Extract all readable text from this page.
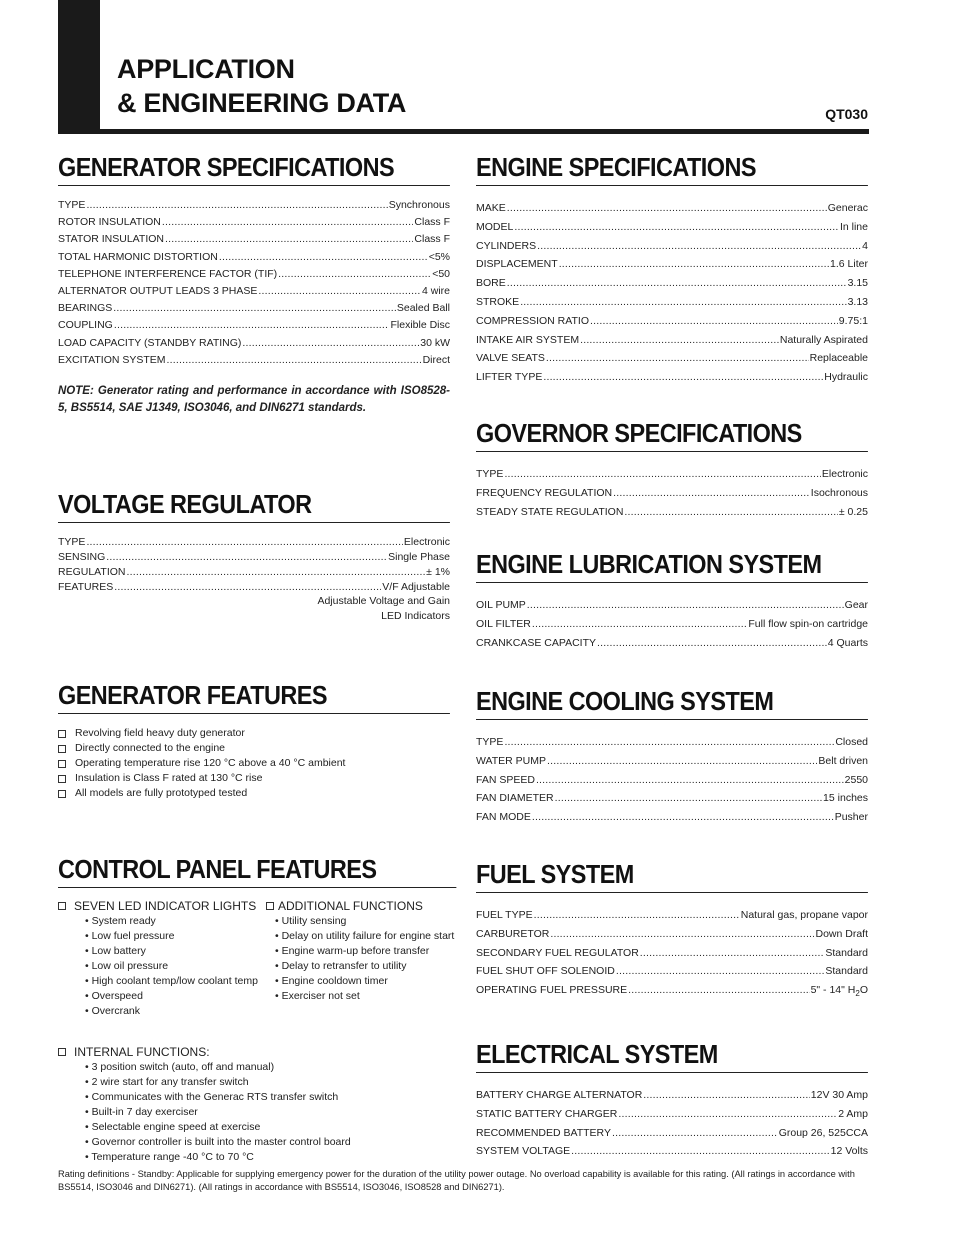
APPLICATION
& ENGINEERING DATA	QT030
GENERATOR SPECIFICATIONS
TYPE .....	Synchronous
ROTOR INSULATION .....	Class F
STATOR INSULATION .....	Class F
TOTAL HARMONIC DISTORTION .....	<5%
TELEPHONE INTERFERENCE FACTOR (TIF) .....	<50
ALTERNATOR OUTPUT LEADS 3 PHASE .....	4 wire
BEARINGS .....	Sealed Ball
COUPLING .....	Flexible Disc
LOAD CAPACITY (STANDBY RATING) .....	30 kW
EXCITATION SYSTEM .....	Direct
NOTE: Generator rating and performance in accordance with ISO8528-5, BS5514, SAE J1349, ISO3046, and DIN6271 standards.
VOLTAGE REGULATOR
TYPE .....	Electronic
SENSING .....	Single Phase
REGULATION .....	± 1%
FEATURES .....	V/F Adjustable
Adjustable Voltage and Gain
LED Indicators
GENERATOR FEATURES
Revolving field heavy duty generator
Directly connected to the engine
Operating temperature rise 120 °C above a 40 °C ambient
Insulation is Class F rated at 130 °C rise
All models are fully prototyped tested
CONTROL PANEL FEATURES
SEVEN LED INDICATOR LIGHTS
• System ready
• Low fuel pressure
• Low battery
• Low oil pressure
• High coolant temp/low coolant temp
• Overspeed
• Overcrank
ADDITIONAL FUNCTIONS
• Utility sensing
• Delay on utility failure for engine start
• Engine warm-up before transfer
• Delay to retransfer to utility
• Engine cooldown timer
• Exerciser not set
INTERNAL FUNCTIONS:
• 3 position switch (auto, off and manual)
• 2 wire start for any transfer switch
• Communicates with the Generac RTS transfer switch
• Built-in 7 day exerciser
• Selectable engine speed at exercise
• Governor controller is built into the master control board
• Temperature range -40 °C to 70 °C
ENGINE SPECIFICATIONS
MAKE .....	Generac
MODEL .....	In line
CYLINDERS .....	4
DISPLACEMENT .....	1.6 Liter
BORE .....	3.15
STROKE .....	3.13
COMPRESSION RATIO .....	9.75:1
INTAKE AIR SYSTEM .....	Naturally Aspirated
VALVE SEATS .....	Replaceable
LIFTER TYPE .....	Hydraulic
GOVERNOR SPECIFICATIONS
TYPE .....	Electronic
FREQUENCY REGULATION .....	Isochronous
STEADY STATE REGULATION .....	± 0.25
ENGINE LUBRICATION SYSTEM
OIL PUMP .....	Gear
OIL FILTER .....	Full flow spin-on cartridge
CRANKCASE CAPACITY .....	4 Quarts
ENGINE COOLING SYSTEM
TYPE .....	Closed
WATER PUMP .....	Belt driven
FAN SPEED .....	2550
FAN DIAMETER .....	15 inches
FAN MODE .....	Pusher
FUEL SYSTEM
FUEL TYPE .....	Natural gas, propane vapor
CARBURETOR .....	Down Draft
SECONDARY FUEL REGULATOR .....	Standard
FUEL SHUT OFF SOLENOID .....	Standard
OPERATING FUEL PRESSURE .....	5" - 14" $H_2O$
ELECTRICAL SYSTEM
BATTERY CHARGE ALTERNATOR .....	12V 30 Amp
STATIC BATTERY CHARGER .....	2 Amp
RECOMMENDED BATTERY .....	Group 26, 525CCA
SYSTEM VOLTAGE .....	12 Volts
Rating definitions - Standby: Applicable for supplying emergency power for the duration of the utility power outage. No overload capability is available for this rating. (All ratings in accordance with BS5514, ISO3046 and DIN6271). (All ratings in accordance with BS5514, ISO3046, ISO8528 and DIN6271).
